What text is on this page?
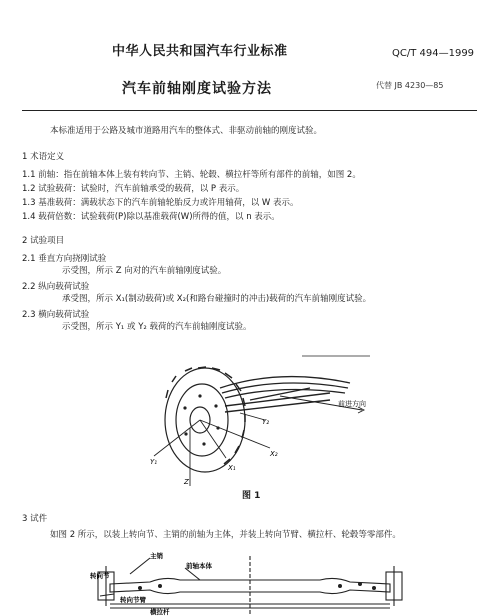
中华人民共和国汽车行业标准	QC/T 494—1999
汽车前轴刚度试验方法	代替 JB 4230—85
本标准适用于公路及城市道路用汽车的整体式、非驱动前轴的刚度试验。
1 术语定义
1.1 前轴：指在前轴本体上装有转向节、主销、轮毂、横拉杆等所有部件的前轴，如图 2。
1.2 试验载荷：试验时，汽车前轴承受的载荷，以 P 表示。
1.3 基准载荷：满载状态下的汽车前轴轮胎反力或许用轴荷，以 W 表示。
1.4 载荷倍数：试验载荷(P)除以基准载荷(W)所得的值，以 n 表示。
2 试验项目
2.1 垂直方向挠刚试验
示受图，所示 Z 向对的汽车前轴刚度试验。
2.2 纵向载荷试验
承受图，所示 X₁(制动载荷)或 X₂(和路台碰撞时的冲击)载荷的汽车前轴刚度试验。
2.3 横向载荷试验
示受图，所示 Y₁ 或 Y₂ 载荷的汽车前轴刚度试验。
Y₁
Y₂
X₁
X₂
Z
前进方向
图 1
3 试件
如图 2 所示，以装上转向节、主销的前轴为主体，并装上转向节臂、横拉杆、轮毂等零部件。
主销
前轴本体
转向节
转向节臂
横拉杆
